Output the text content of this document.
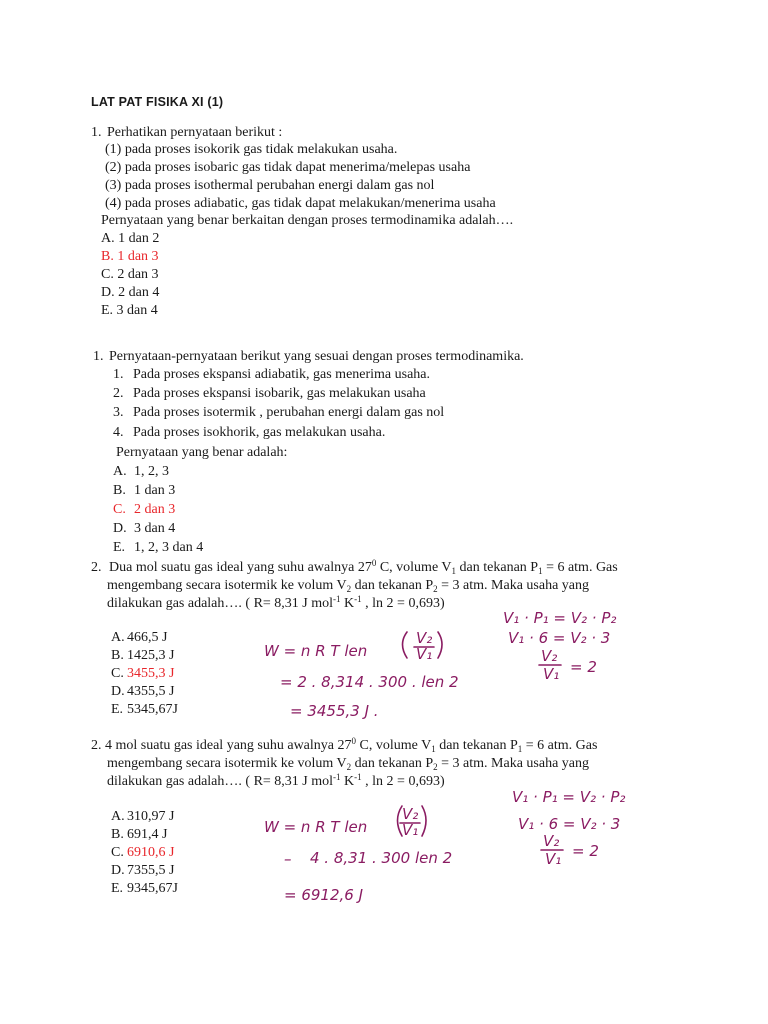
LAT PAT FISIKA XI (1)
1. Perhatikan pernyataan berikut :
(1) pada proses isokorik gas tidak melakukan usaha.
(2) pada proses isobaric gas tidak dapat menerima/melepas usaha
(3) pada proses isothermal perubahan energi dalam gas nol
(4) pada proses adiabatic, gas tidak dapat melakukan/menerima usaha
Pernyataan yang benar berkaitan dengan proses termodinamika adalah….
A. 1 dan 2
B. 1 dan 3
C. 2 dan 3
D. 2 dan 4
E. 3 dan 4
1. Pernyataan-pernyataan berikut yang sesuai dengan proses termodinamika.
1. Pada proses ekspansi adiabatik, gas menerima usaha.
2. Pada proses ekspansi isobarik, gas melakukan usaha
3. Pada proses isotermik , perubahan energi dalam gas nol
4. Pada proses isokhorik, gas melakukan usaha.
Pernyataan yang benar adalah:
A. 1, 2, 3
B. 1 dan 3
C. 2 dan 3
D. 3 dan 4
E. 1, 2, 3 dan 4
2. Dua mol suatu gas ideal yang suhu awalnya $27^0$ C, volume $V_1$ dan tekanan $P_1 = 6$ atm. Gas
mengembang secara isotermik ke volum $V_2$ dan tekanan $P_2 = 3$ atm. Maka usaha yang
dilakukan gas adalah…. ( R= 8,31 J mol$^{-1}$ $K^{-1}$ , ln 2 = 0,693)
A. 466,5 J
B. 1425,3 J
C. 3455,3 J
D. 4355,5 J
E. 5345,67J
V₁ · P₁ = V₂ · P₂
V₁ · 6 = V₂ · 3
V₂
V₁ = 2
W = n R T len
V₂
V₁
= 2 . 8,314 . 300 . len 2
= 3455,3 J .
2. 4 mol suatu gas ideal yang suhu awalnya $27^0$ C, volume $V_1$ dan tekanan $P_1 = 6$ atm. Gas
mengembang secara isotermik ke volum $V_2$ dan tekanan $P_2 = 3$ atm. Maka usaha yang
dilakukan gas adalah…. ( R= 8,31 J mol$^{-1}$ $K^{-1}$ , ln 2 = 0,693)
A. 310,97 J
B. 691,4 J
C. 6910,6 J
D. 7355,5 J
E. 9345,67J
V₁ · P₁ = V₂ · P₂
V₁ · 6 = V₂ · 3
V₂
V₁ = 2
W = n R T len
V₂
V₁
– 4 . 8,31 . 300 len 2
= 6912,6 J
